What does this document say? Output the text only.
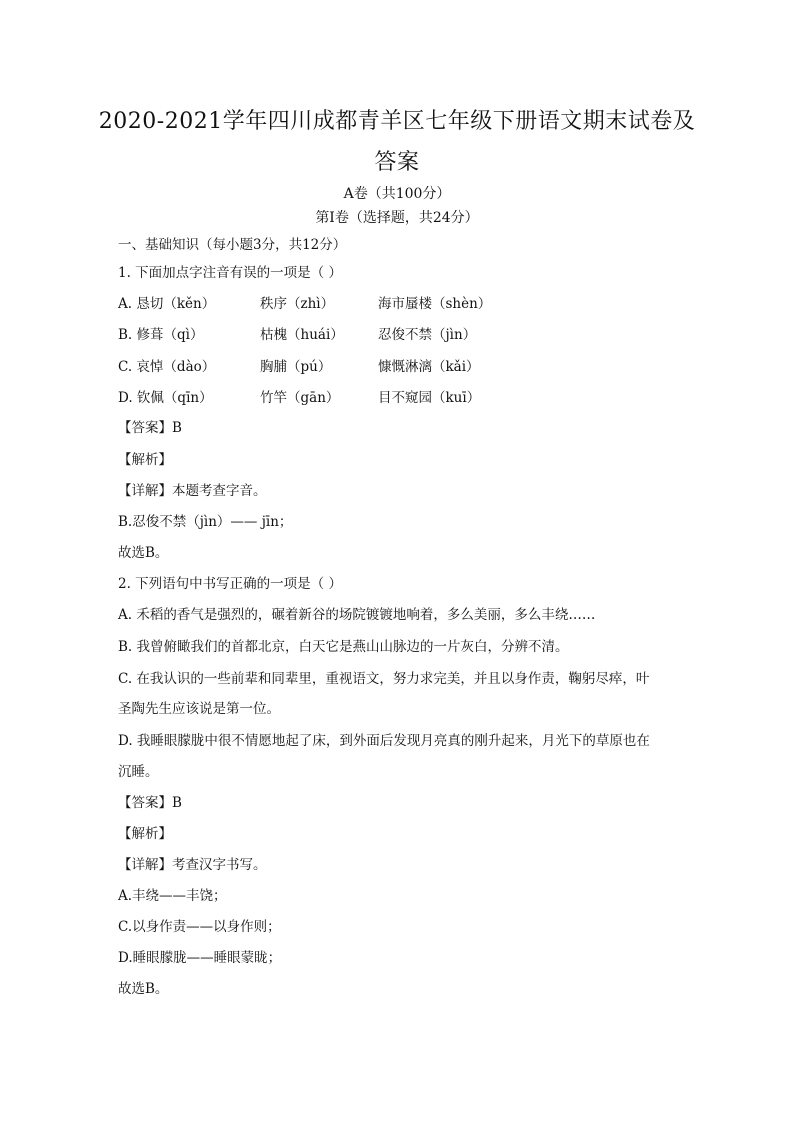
2020-2021学年四川成都青羊区七年级下册语文期末试卷及
答案
A卷（共100分）
第Ⅰ卷（选择题，共24分）
一、基础知识（每小题3分，共12分）
1. 下面加点字注音有误的一项是（ ）
A. 恳切（kěn）	秩序（zhì）	海市蜃楼（shèn）
B. 修葺（qì）	枯槐（huái）	忍俊不禁（jìn）
C. 哀悼（dào）	胸脯（pú）	慷慨淋漓（kǎi）
D. 钦佩（qīn）	竹竿（gān）	目不窥园（kuī）
【答案】B
【解析】
【详解】本题考查字音。
B.忍俊不禁（jìn）—— jīn；
故选B。
2. 下列语句中书写正确的一项是（ ）
A. 禾稻的香气是强烈的，碾着新谷的场院镀镀地响着，多么美丽，多么丰绕……
B. 我曾俯瞰我们的首都北京，白天它是燕山山脉边的一片灰白，分辨不清。
C. 在我认识的一些前辈和同辈里，重视语文，努力求完美，并且以身作责，鞠躬尽瘁，叶
圣陶先生应该说是第一位。
D. 我睡眼朦胧中很不情愿地起了床，到外面后发现月亮真的刚升起来，月光下的草原也在
沉睡。
【答案】B
【解析】
【详解】考查汉字书写。
A.丰绕——丰饶；
C.以身作责——以身作则；
D.睡眼朦胧——睡眼蒙眬；
故选B。
